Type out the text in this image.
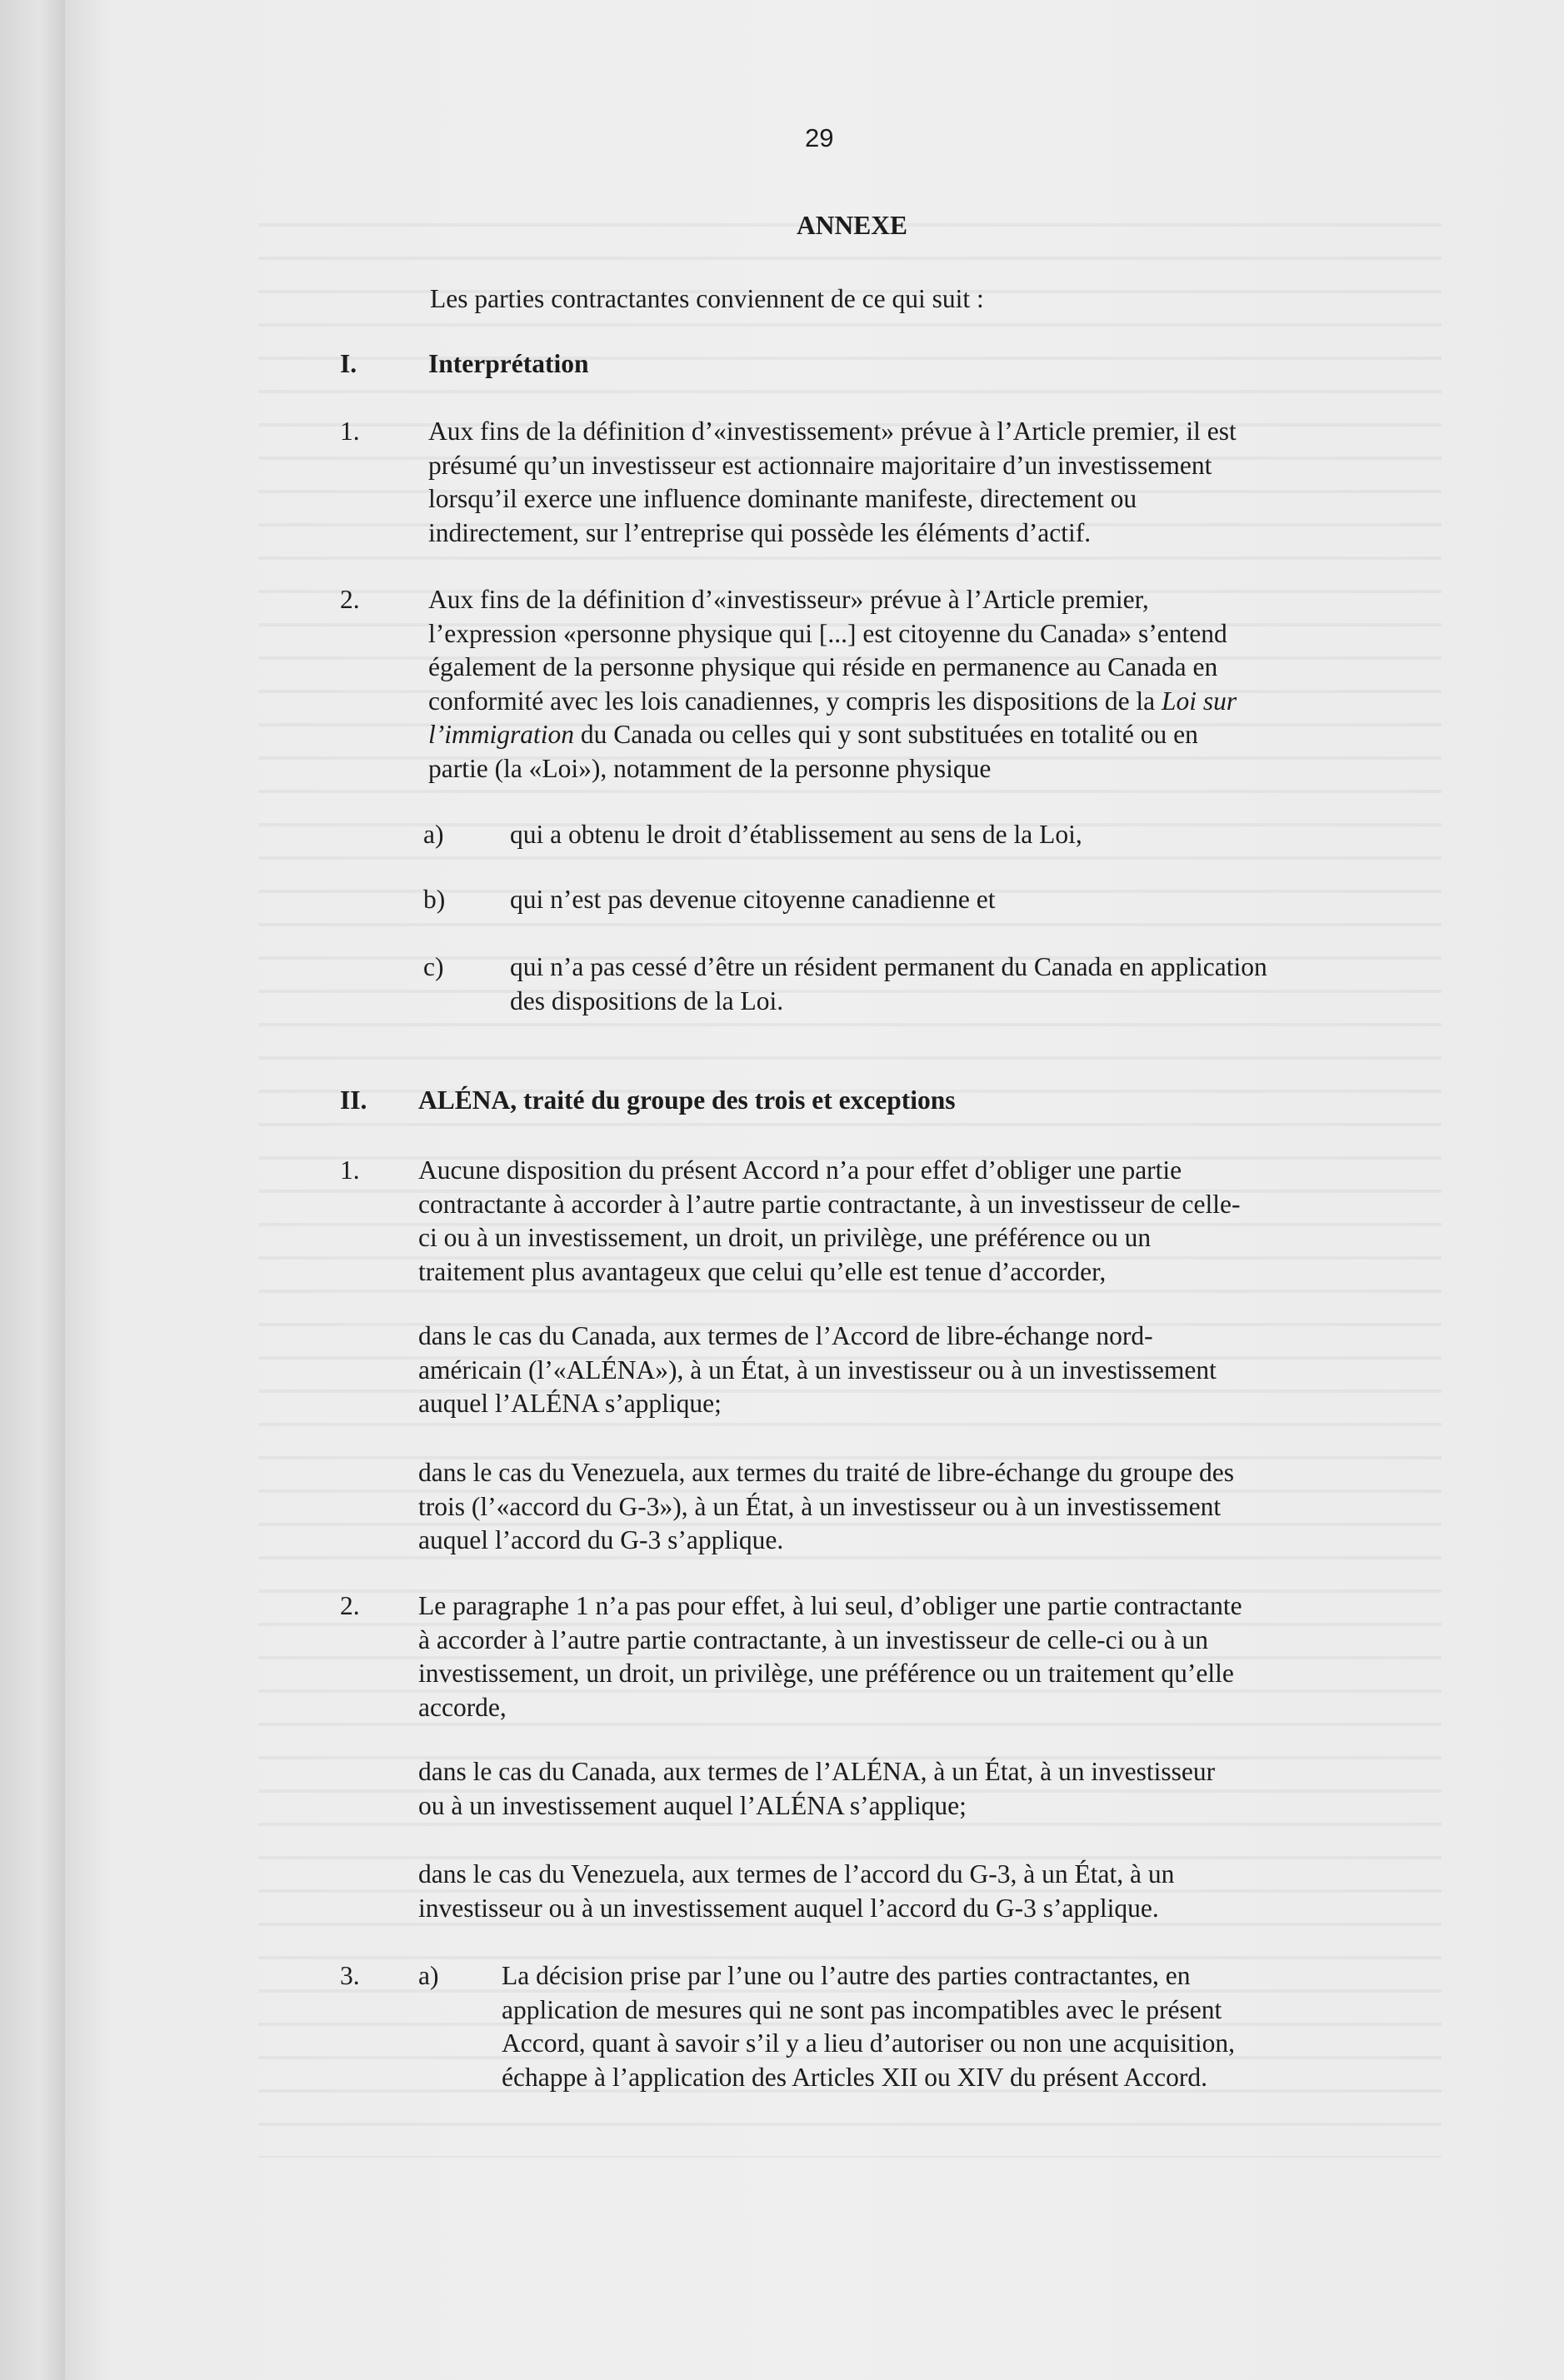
29
ANNEXE
Les parties contractantes conviennent de ce qui suit :
I.	Interprétation
1.	Aux fins de la définition d’«investissement» prévue à l’Article premier, il est
présumé qu’un investisseur est actionnaire majoritaire d’un investissement
lorsqu’il exerce une influence dominante manifeste, directement ou
indirectement, sur l’entreprise qui possède les éléments d’actif.
2.	Aux fins de la définition d’«investisseur» prévue à l’Article premier,
l’expression «personne physique qui [...] est citoyenne du Canada» s’entend
également de la personne physique qui réside en permanence au Canada en
conformité avec les lois canadiennes, y compris les dispositions de la Loi sur
l’immigration du Canada ou celles qui y sont substituées en totalité ou en
partie (la «Loi»), notamment de la personne physique
a)	qui a obtenu le droit d’établissement au sens de la Loi,
b) qui n’est pas devenue citoyenne canadienne et
c)	qui n’a pas cessé d’être un résident permanent du Canada en application
des dispositions de la Loi.
II. ALÉNA, traité du groupe des trois et exceptions
1. Aucune disposition du présent Accord n’a pour effet d’obliger une partie
contractante à accorder à l’autre partie contractante, à un investisseur de celle-
ci ou à un investissement, un droit, un privilège, une préférence ou un
traitement plus avantageux que celui qu’elle est tenue d’accorder,
dans le cas du Canada, aux termes de l’Accord de libre-échange nord-
américain (l’«ALÉNA»), à un État, à un investisseur ou à un investissement
auquel l’ALÉNA s’applique;
dans le cas du Venezuela, aux termes du traité de libre-échange du groupe des
trois (l’«accord du G-3»), à un État, à un investisseur ou à un investissement
auquel l’accord du G-3 s’applique.
2. Le paragraphe 1 n’a pas pour effet, à lui seul, d’obliger une partie contractante
à accorder à l’autre partie contractante, à un investisseur de celle-ci ou à un
investissement, un droit, un privilège, une préférence ou un traitement qu’elle
accorde,
dans le cas du Canada, aux termes de l’ALÉNA, à un État, à un investisseur
ou à un investissement auquel l’ALÉNA s’applique;
dans le cas du Venezuela, aux termes de l’accord du G-3, à un État, à un
investisseur ou à un investissement auquel l’accord du G-3 s’applique.
3. a) La décision prise par l’une ou l’autre des parties contractantes, en
application de mesures qui ne sont pas incompatibles avec le présent
Accord, quant à savoir s’il y a lieu d’autoriser ou non une acquisition,
échappe à l’application des Articles XII ou XIV du présent Accord.
